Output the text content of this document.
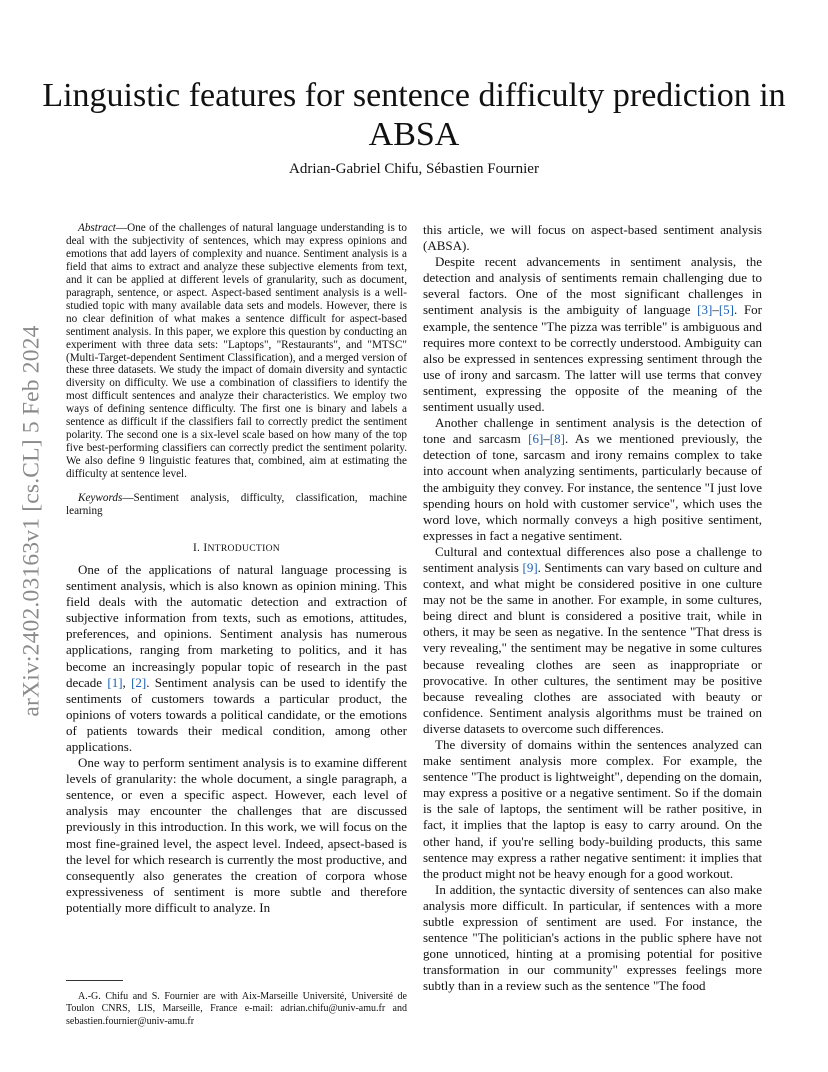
arXiv:2402.03163v1 [cs.CL] 5 Feb 2024
Linguistic features for sentence difficulty prediction in ABSA
Adrian-Gabriel Chifu, Sébastien Fournier

Abstract—One of the challenges of natural language understanding is to deal with the subjectivity of sentences, which may express opinions and emotions that add layers of complexity and nuance. Sentiment analysis is a field that aims to extract and analyze these subjective elements from text, and it can be applied at different levels of granularity, such as document, paragraph, sentence, or aspect. Aspect-based sentiment analysis is a well-studied topic with many available data sets and models. However, there is no clear definition of what makes a sentence difficult for aspect-based sentiment analysis. In this paper, we explore this question by conducting an experiment with three data sets: "Laptops", "Restaurants", and "MTSC" (Multi-Target-dependent Sentiment Classification), and a merged version of these three datasets. We study the impact of domain diversity and syntactic diversity on difficulty. We use a combination of classifiers to identify the most difficult sentences and analyze their characteristics. We employ two ways of defining sentence difficulty. The first one is binary and labels a sentence as difficult if the classifiers fail to correctly predict the sentiment polarity. The second one is a six-level scale based on how many of the top five best-performing classifiers can correctly predict the sentiment polarity. We also define 9 linguistic features that, combined, aim at estimating the difficulty at sentence level.

Keywords—Sentiment analysis, difficulty, classification, machine learning

I. INTRODUCTION

One of the applications of natural language processing is sentiment analysis, which is also known as opinion mining. This field deals with the automatic detection and extraction of subjective information from texts, such as emotions, attitudes, preferences, and opinions. Sentiment analysis has numerous applications, ranging from marketing to politics, and it has become an increasingly popular topic of research in the past decade [1], [2]. Sentiment analysis can be used to identify the sentiments of customers towards a particular product, the opinions of voters towards a political candidate, or the emotions of patients towards their medical condition, among other applications.

One way to perform sentiment analysis is to examine different levels of granularity: the whole document, a single paragraph, a sentence, or even a specific aspect. However, each level of analysis may encounter the challenges that are discussed previously in this introduction. In this work, we will focus on the most fine-grained level, the aspect level. Indeed, apsect-based is the level for which research is currently the most productive, and consequently also generates the creation of corpora whose expressiveness of sentiment is more subtle and therefore potentially more difficult to analyze. In

A.-G. Chifu and S. Fournier are with Aix-Marseille Université, Université de Toulon CNRS, LIS, Marseille, France e-mail: adrian.chifu@univ-amu.fr and sebastien.fournier@univ-amu.fr

this article, we will focus on aspect-based sentiment analysis (ABSA).

Despite recent advancements in sentiment analysis, the detection and analysis of sentiments remain challenging due to several factors. One of the most significant challenges in sentiment analysis is the ambiguity of language [3]–[5]. For example, the sentence "The pizza was terrible" is ambiguous and requires more context to be correctly understood. Ambiguity can also be expressed in sentences expressing sentiment through the use of irony and sarcasm. The latter will use terms that convey sentiment, expressing the opposite of the meaning of the sentiment usually used.

Another challenge in sentiment analysis is the detection of tone and sarcasm [6]–[8]. As we mentioned previously, the detection of tone, sarcasm and irony remains complex to take into account when analyzing sentiments, particularly because of the ambiguity they convey. For instance, the sentence "I just love spending hours on hold with customer service", which uses the word love, which normally conveys a high positive sentiment, expresses in fact a negative sentiment.

Cultural and contextual differences also pose a challenge to sentiment analysis [9]. Sentiments can vary based on culture and context, and what might be considered positive in one culture may not be the same in another. For example, in some cultures, being direct and blunt is considered a positive trait, while in others, it may be seen as negative. In the sentence "That dress is very revealing," the sentiment may be negative in some cultures because revealing clothes are seen as inappropriate or provocative. In other cultures, the sentiment may be positive because revealing clothes are associated with beauty or confidence. Sentiment analysis algorithms must be trained on diverse datasets to overcome such differences.

The diversity of domains within the sentences analyzed can make sentiment analysis more complex. For example, the sentence "The product is lightweight", depending on the domain, may express a positive or a negative sentiment. So if the domain is the sale of laptops, the sentiment will be rather positive, in fact, it implies that the laptop is easy to carry around. On the other hand, if you're selling body-building products, this same sentence may express a rather negative sentiment: it implies that the product might not be heavy enough for a good workout.

In addition, the syntactic diversity of sentences can also make analysis more difficult. In particular, if sentences with a more subtle expression of sentiment are used. For instance, the sentence "The politician's actions in the public sphere have not gone unnoticed, hinting at a promising potential for positive transformation in our community" expresses feelings more subtly than in a review such as the sentence "The food
